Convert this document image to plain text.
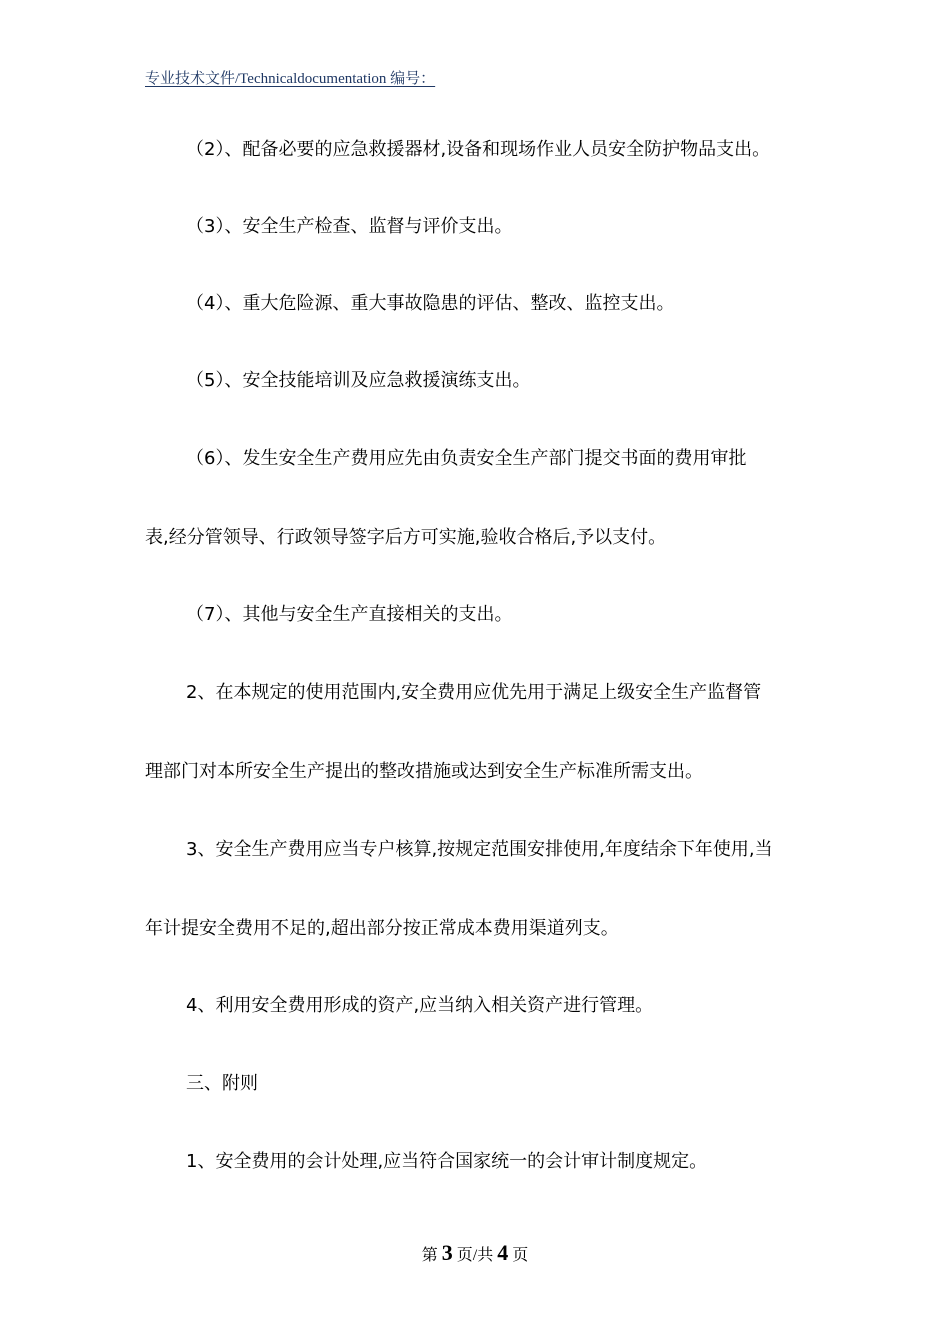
专业技术文件/Technicaldocumentation 编号：
（2）、配备必要的应急救援器材,设备和现场作业人员安全防护物品支出。
（3）、安全生产检查、监督与评价支出。
（4）、重大危险源、重大事故隐患的评估、整改、监控支出。
（5）、安全技能培训及应急救援演练支出。
（6）、发生安全生产费用应先由负责安全生产部门提交书面的费用审批
表,经分管领导、行政领导签字后方可实施,验收合格后,予以支付。
（7）、其他与安全生产直接相关的支出。
2、在本规定的使用范围内,安全费用应优先用于满足上级安全生产监督管
理部门对本所安全生产提出的整改措施或达到安全生产标准所需支出。
3、安全生产费用应当专户核算,按规定范围安排使用,年度结余下年使用,当
年计提安全费用不足的,超出部分按正常成本费用渠道列支。
4、利用安全费用形成的资产,应当纳入相关资产进行管理。
三、附则
1、安全费用的会计处理,应当符合国家统一的会计审计制度规定。
第 3 页/共 4 页
